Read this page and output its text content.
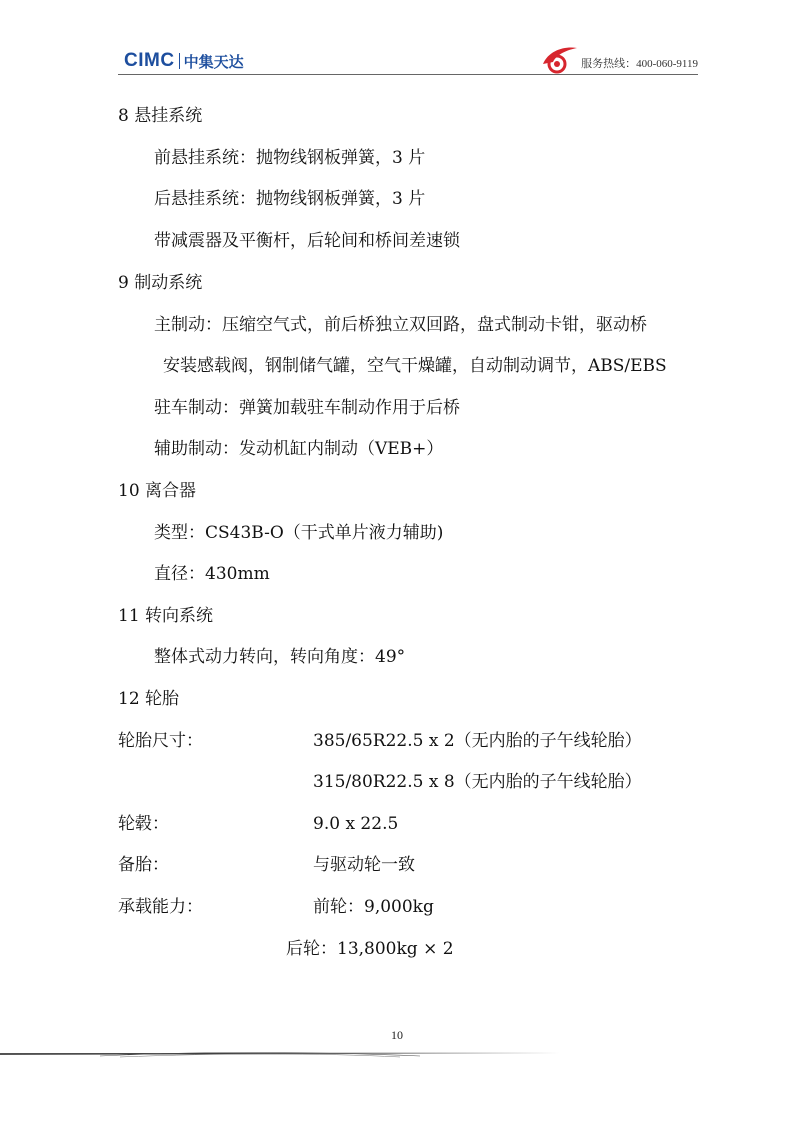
CIMC 中集天达	服务热线：400-060-9119
8 悬挂系统
前悬挂系统：抛物线钢板弹簧，3 片
后悬挂系统：抛物线钢板弹簧，3 片
带减震器及平衡杆，后轮间和桥间差速锁
9 制动系统
主制动：压缩空气式，前后桥独立双回路，盘式制动卡钳，驱动桥
安装感载阀，钢制储气罐，空气干燥罐，自动制动调节，ABS/EBS
驻车制动：弹簧加载驻车制动作用于后桥
辅助制动：发动机缸内制动（VEB+）
10 离合器
类型：CS43B-O（干式单片液力辅助)
直径：430mm
11 转向系统
整体式动力转向，转向角度：49°
12 轮胎
轮胎尺寸：	385/65R22.5 x 2（无内胎的子午线轮胎）
315/80R22.5 x 8（无内胎的子午线轮胎）
轮毂：	9.0 x 22.5
备胎：	与驱动轮一致
承载能力：	前轮：9,000kg
后轮：13,800kg × 2
10
